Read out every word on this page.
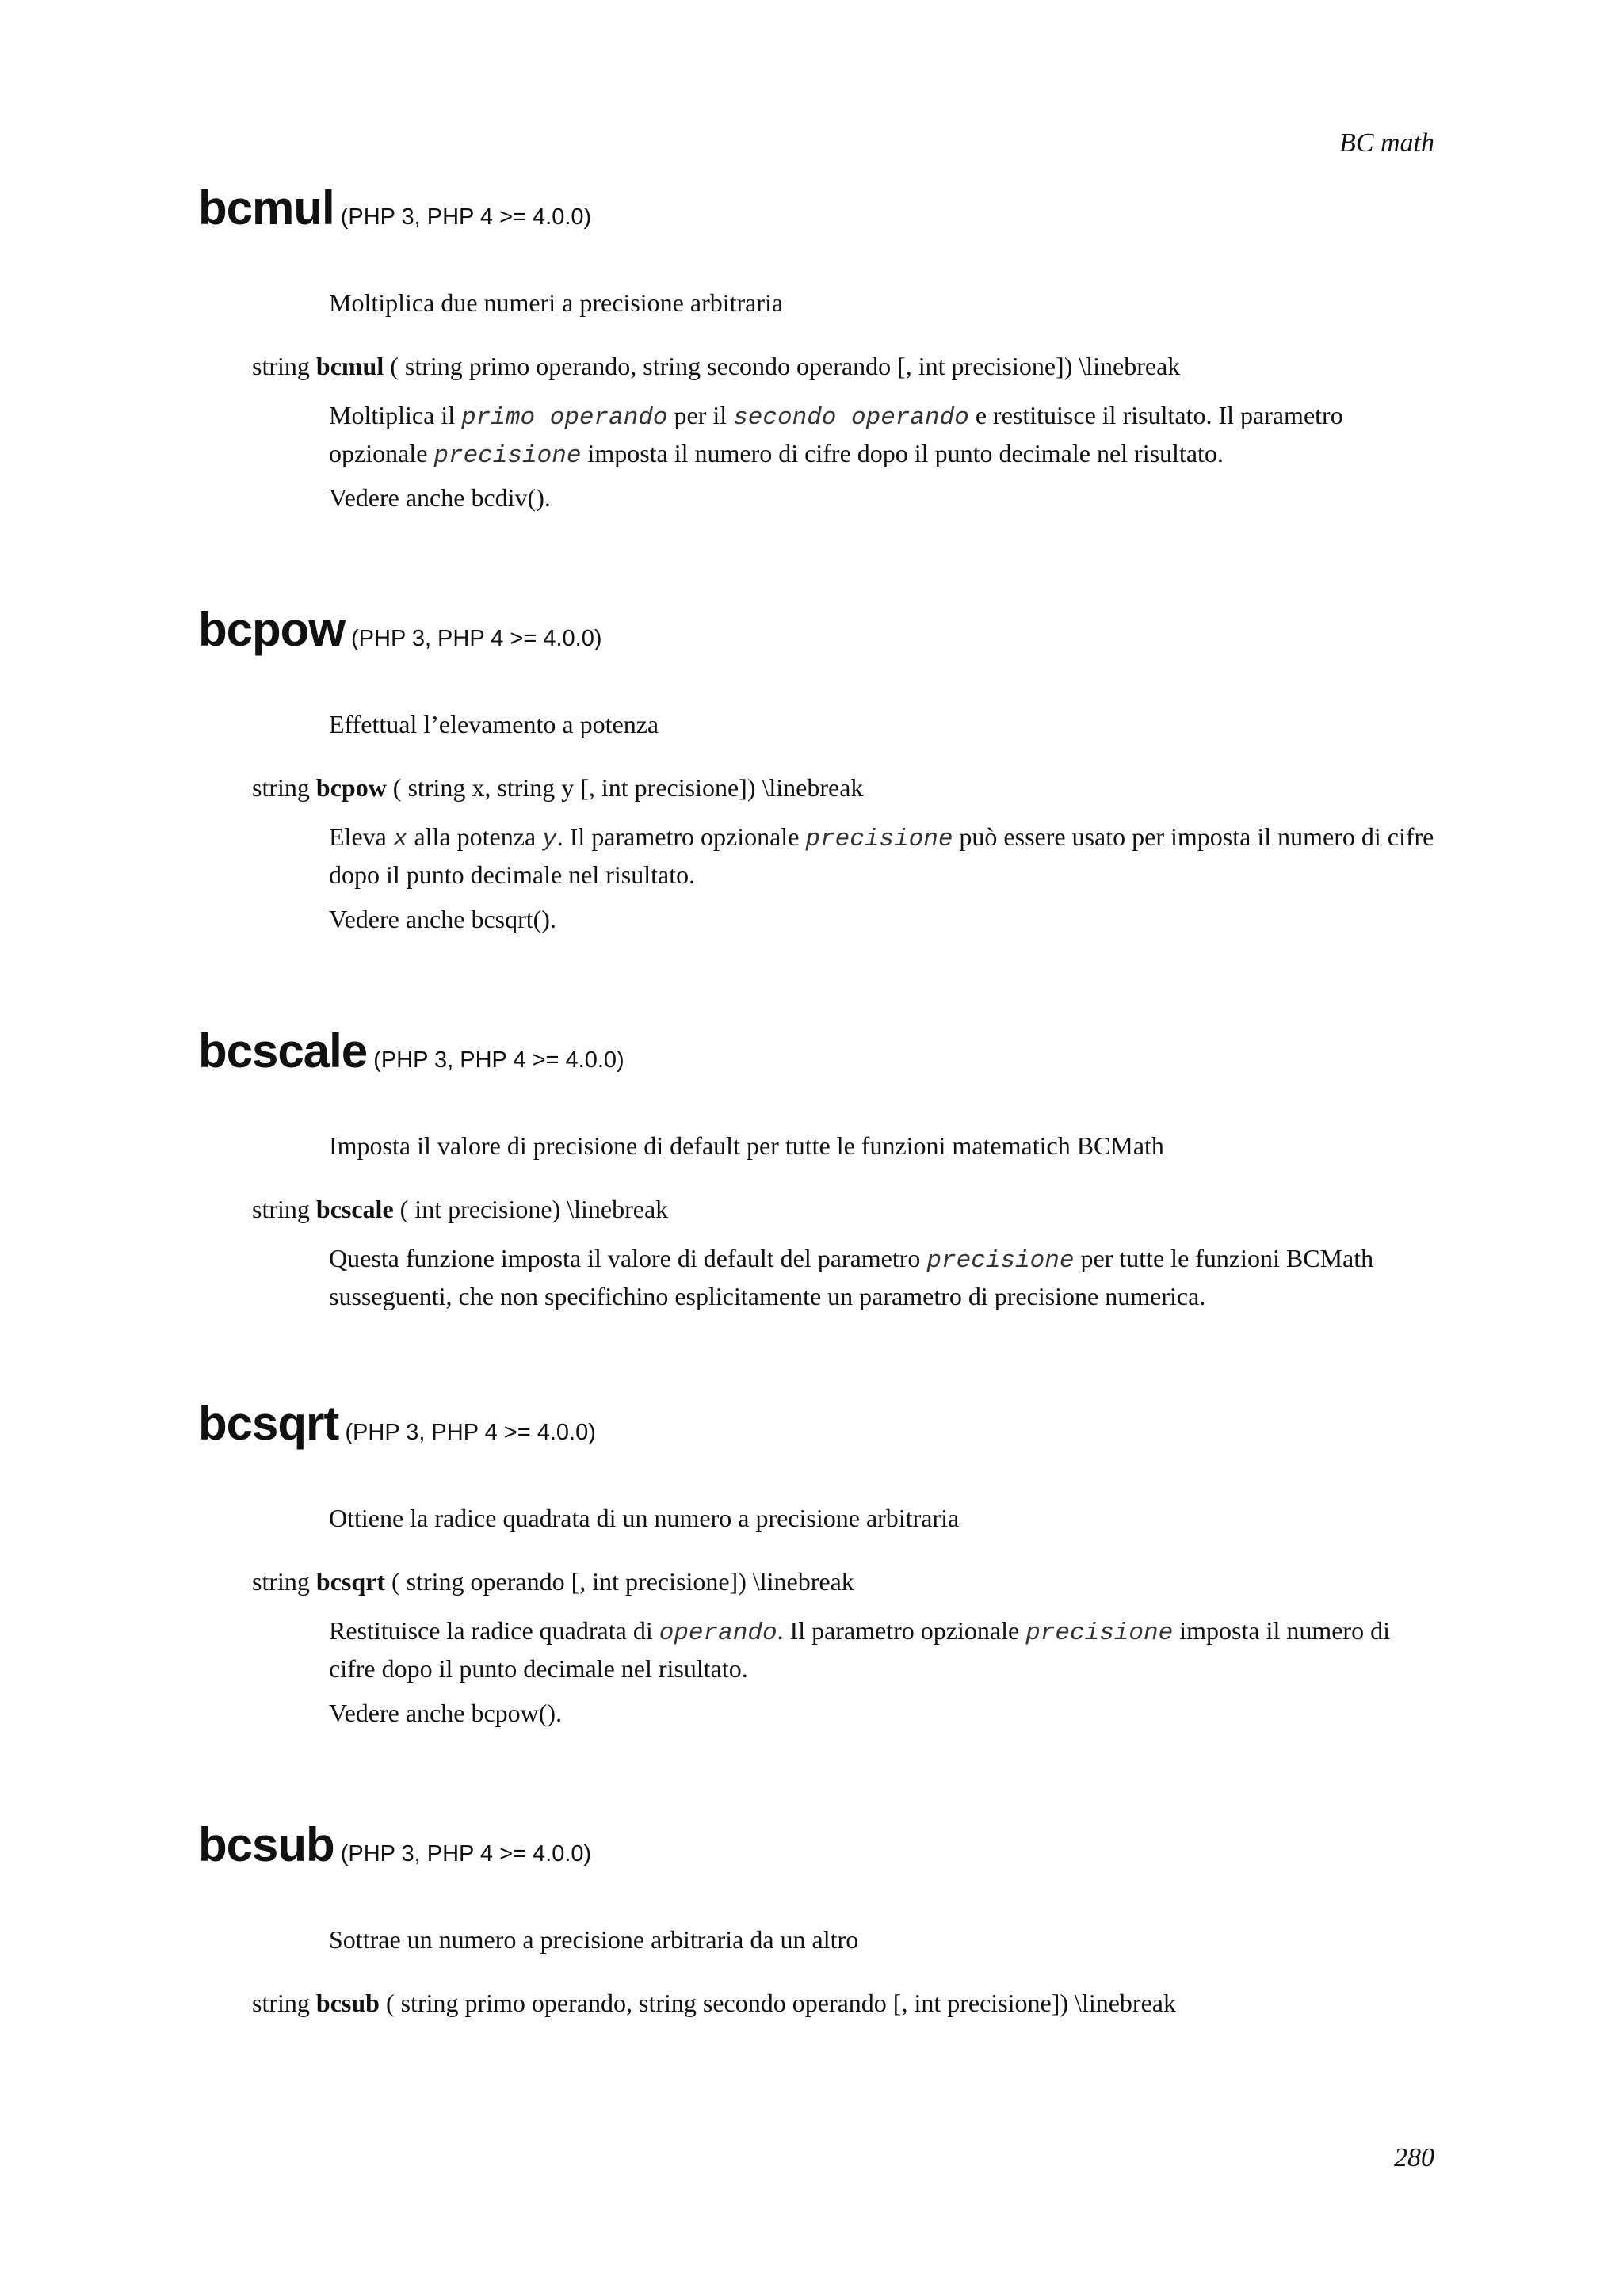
BC math
bcmul (PHP 3, PHP 4 >= 4.0.0)
Moltiplica due numeri a precisione arbitraria
string bcmul ( string primo operando, string secondo operando [, int precisione]) \linebreak
Moltiplica il primo operando per il secondo operando e restituisce il risultato. Il parametro opzionale precisione imposta il numero di cifre dopo il punto decimale nel risultato.
Vedere anche bcdiv().
bcpow (PHP 3, PHP 4 >= 4.0.0)
Effettual l’elevamento a potenza
string bcpow ( string x, string y [, int precisione]) \linebreak
Eleva x alla potenza y. Il parametro opzionale precisione può essere usato per imposta il numero di cifre dopo il punto decimale nel risultato.
Vedere anche bcsqrt().
bcscale (PHP 3, PHP 4 >= 4.0.0)
Imposta il valore di precisione di default per tutte le funzioni matematich BCMath
string bcscale ( int precisione) \linebreak
Questa funzione imposta il valore di default del parametro precisione per tutte le funzioni BCMath susseguenti, che non specifichino esplicitamente un parametro di precisione numerica.
bcsqrt (PHP 3, PHP 4 >= 4.0.0)
Ottiene la radice quadrata di un numero a precisione arbitraria
string bcsqrt ( string operando [, int precisione]) \linebreak
Restituisce la radice quadrata di operando. Il parametro opzionale precisione imposta il numero di cifre dopo il punto decimale nel risultato.
Vedere anche bcpow().
bcsub (PHP 3, PHP 4 >= 4.0.0)
Sottrae un numero a precisione arbitraria da un altro
string bcsub ( string primo operando, string secondo operando [, int precisione]) \linebreak
280
